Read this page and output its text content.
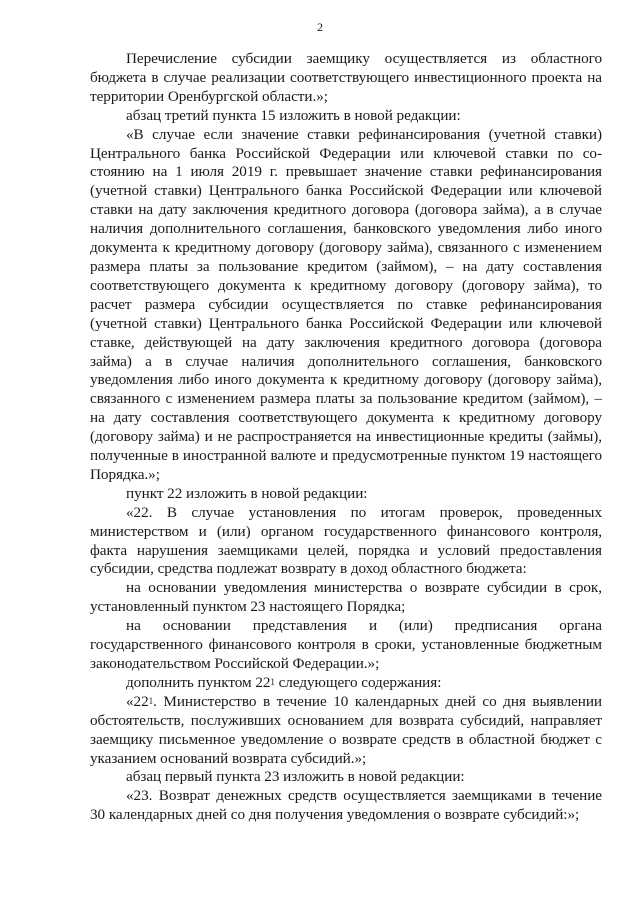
2

Перечисление субсидии заемщику осуществляется из областного бюджета в случае реализации соответствующего инвестиционного проекта на территории Оренбургской области.»;

абзац третий пункта 15 изложить в новой редакции:

«В случае если значение ставки рефинансирования (учетной ставки) Центрального банка Российской Федерации или ключевой ставки по состоянию на 1 июля 2019 г. превышает значение ставки рефинансирования (учетной ставки) Центрального банка Российской Федерации или ключевой ставки на дату заключения кредитного договора (договора займа), а в случае наличия дополнительного соглашения, банковского уведомления либо иного документа к кредитному договору (договору займа), связанного с изменением размера платы за пользование кредитом (займом), – на дату составления соответствующего документа к кредитному договору (договору займа), то расчет размера субсидии осуществляется по ставке рефинансирования (учетной ставки) Центрального банка Российской Федерации или ключевой ставке, действующей на дату заключения кредитного договора (договора займа) а в случае наличия дополнительного соглашения, банковского уведомления либо иного документа к кредитному договору (договору займа), связанного с изменением размера платы за пользование кредитом (займом), – на дату составления соответствующего документа к кредитному договору (договору займа) и не распространяется на инвестиционные кредиты (займы), полученные в иностранной валюте и предусмотренные пунктом 19 настоящего Порядка.»;

пункт 22 изложить в новой редакции:

«22. В случае установления по итогам проверок, проведенных министерством и (или) органом государственного финансового контроля, факта нарушения заемщиками целей, порядка и условий предоставления субсидии, средства подлежат возврату в доход областного бюджета:

на основании уведомления министерства о возврате субсидии в срок, установленный пунктом 23 настоящего Порядка;

на основании представления и (или) предписания органа государственного финансового контроля в сроки, установленные бюджетным законодательством Российской Федерации.»;

дополнить пунктом $22^1$ следующего содержания:

«$22^1$. Министерство в течение 10 календарных дней со дня выявлении обстоятельств, послуживших основанием для возврата субсидий, направляет заемщику письменное уведомление о возврате средств в областной бюджет с указанием оснований возврата субсидий.»;

абзац первый пункта 23 изложить в новой редакции:

«23. Возврат денежных средств осуществляется заемщиками в течение 30 календарных дней со дня получения уведомления о возврате субсидий:»;
